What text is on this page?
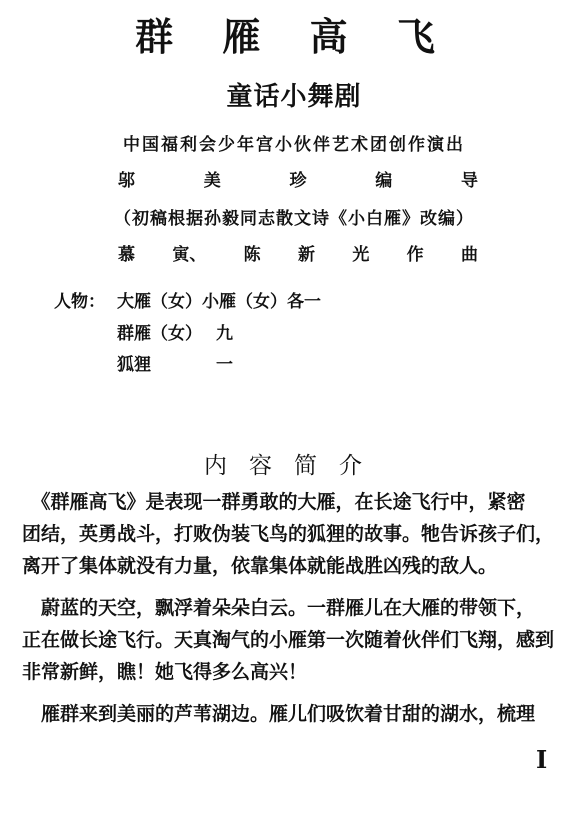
群 雁 高 飞
童话小舞剧
中国福利会少年宫小伙伴艺术团创作演出
邬	美	珍	编	导
（初稿根据孙毅同志散文诗《小白雁》改编）
慕 寅、 陈 新 光 作 曲
人物： 大雁（女）小雁（女）各一
群雁（女） 九
狐狸	一
内容简介
　《群雁高飞》是表现一群勇敢的大雁，在长途飞行中，紧密
团结，英勇战斗，打败伪装飞鸟的狐狸的故事。牠告诉孩子们，
离开了集体就没有力量，依靠集体就能战胜凶残的敌人。
　蔚蓝的天空，飘浮着朵朵白云。一群雁儿在大雁的带领下，
正在做长途飞行。天真淘气的小雁第一次随着伙伴们飞翔，感到
非常新鲜，瞧！她飞得多么高兴！
　雁群来到美丽的芦苇湖边。雁儿们吸饮着甘甜的湖水，梳理
I
